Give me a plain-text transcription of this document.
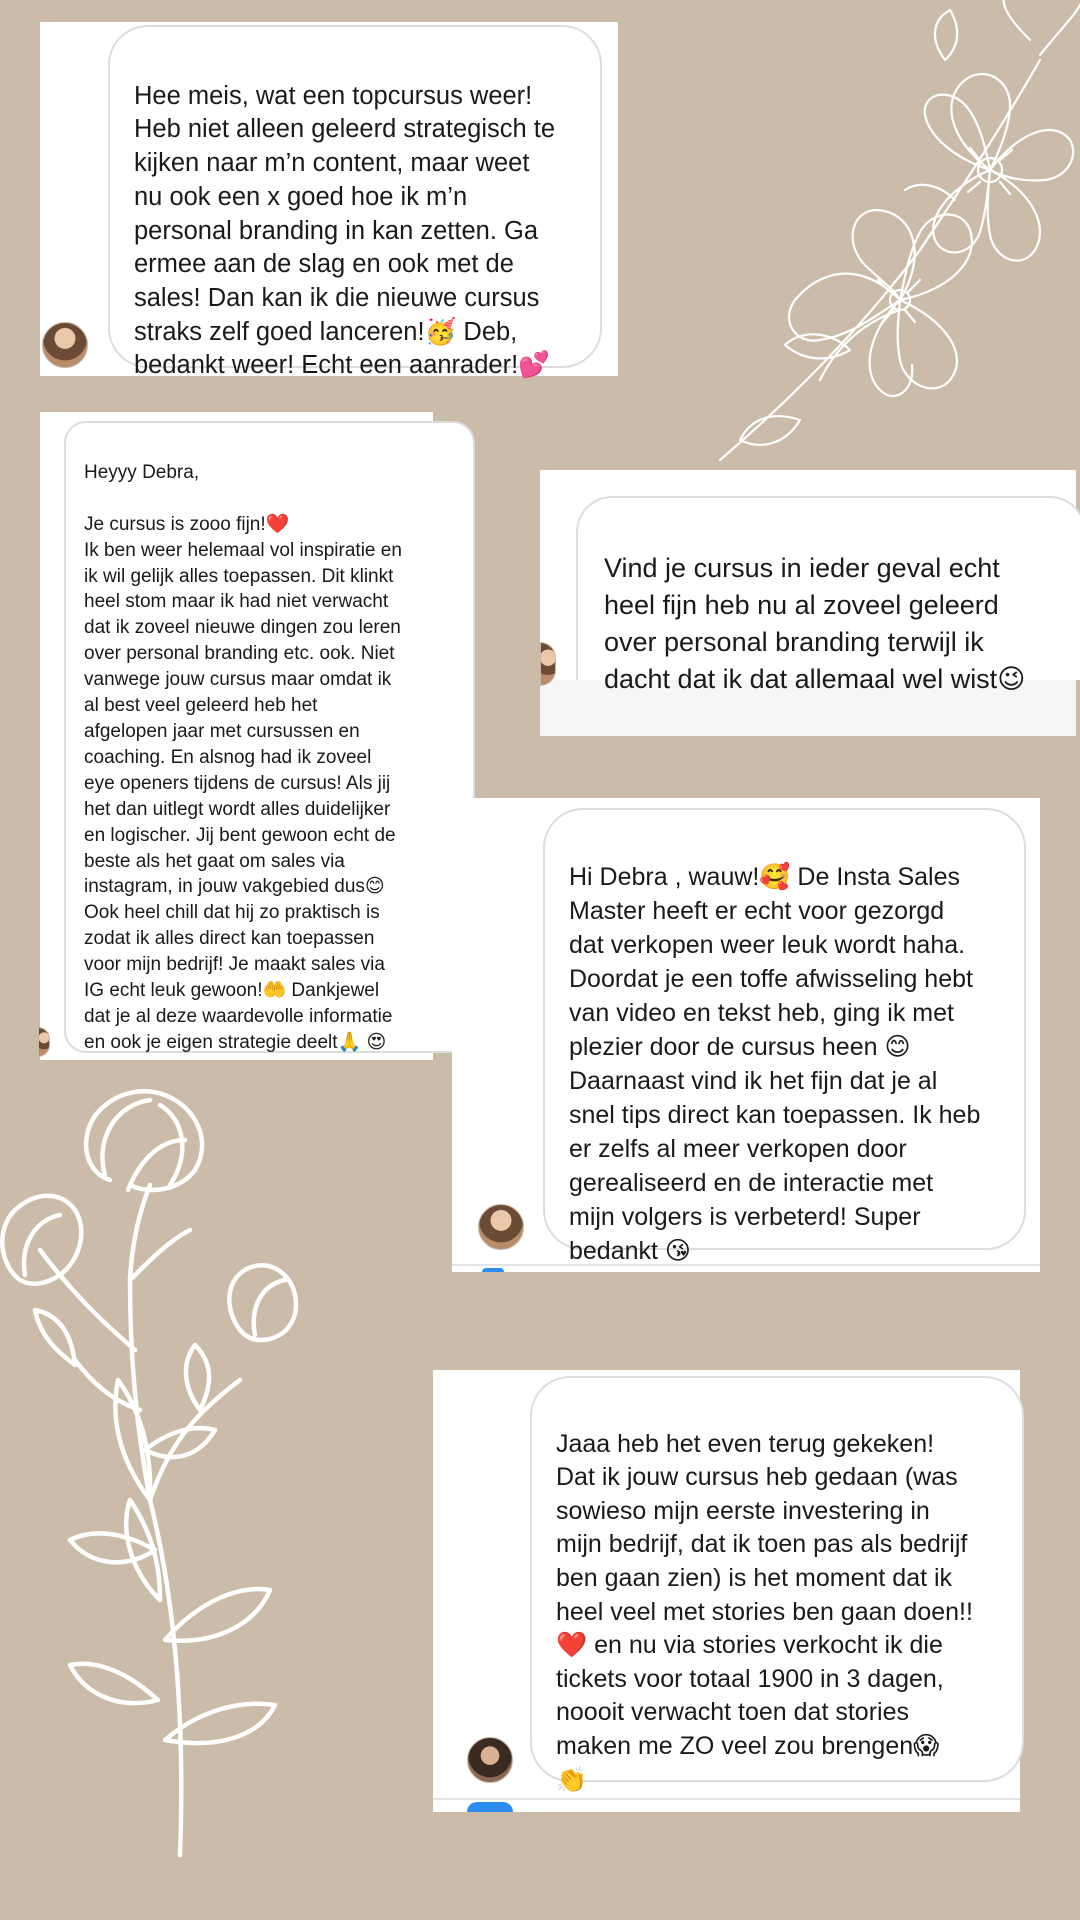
Hee meis, wat een topcursus weer!
Heb niet alleen geleerd strategisch te
kijken naar m’n content, maar weet
nu ook een x goed hoe ik m’n
personal branding in kan zetten. Ga
ermee aan de slag en ook met de
sales! Dan kan ik die nieuwe cursus
straks zelf goed lanceren!🥳 Deb,
bedankt weer! Echt een aanrader!💕

Heyyy Debra,

Je cursus is zooo fijn!❤️
Ik ben weer helemaal vol inspiratie en
ik wil gelijk alles toepassen. Dit klinkt
heel stom maar ik had niet verwacht
dat ik zoveel nieuwe dingen zou leren
over personal branding etc. ook. Niet
vanwege jouw cursus maar omdat ik
al best veel geleerd heb het
afgelopen jaar met cursussen en
coaching. En alsnog had ik zoveel
eye openers tijdens de cursus! Als jij
het dan uitlegt wordt alles duidelijker
en logischer. Jij bent gewoon echt de
beste als het gaat om sales via
instagram, in jouw vakgebied dus😊
Ook heel chill dat hij zo praktisch is
zodat ik alles direct kan toepassen
voor mijn bedrijf! Je maakt sales via
IG echt leuk gewoon!🤲 Dankjewel
dat je al deze waardevolle informatie
en ook je eigen strategie deelt🙏 😍

Vind je cursus in ieder geval echt
heel fijn heb nu al zoveel geleerd
over personal branding terwijl ik
dacht dat ik dat allemaal wel wist😉

Hi Debra , wauw!🥰 De Insta Sales
Master heeft er echt voor gezorgd
dat verkopen weer leuk wordt haha.
Doordat je een toffe afwisseling hebt
van video en tekst heb, ging ik met
plezier door de cursus heen 😊
Daarnaast vind ik het fijn dat je al
snel tips direct kan toepassen. Ik heb
er zelfs al meer verkopen door
gerealiseerd en de interactie met
mijn volgers is verbeterd! Super
bedankt 😘

Jaaa heb het even terug gekeken!
Dat ik jouw cursus heb gedaan (was
sowieso mijn eerste investering in
mijn bedrijf, dat ik toen pas als bedrijf
ben gaan zien) is het moment dat ik
heel veel met stories ben gaan doen!!
❤️ en nu via stories verkocht ik die
tickets voor totaal 1900 in 3 dagen,
noooit verwacht toen dat stories
maken me ZO veel zou brengen😱
👏
